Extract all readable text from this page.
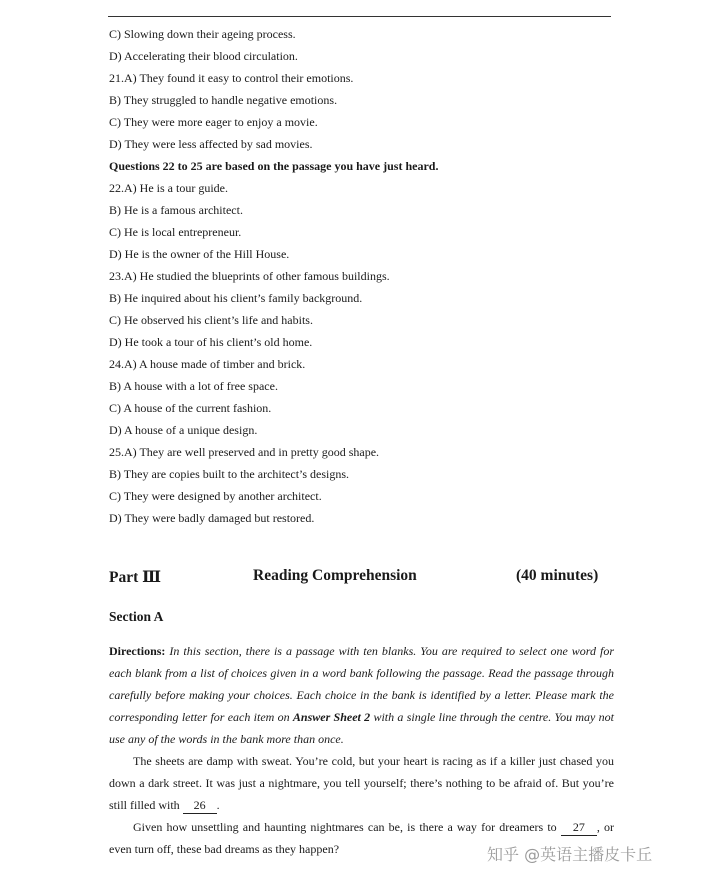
C) Slowing down their ageing process.
D) Accelerating their blood circulation.
21.A) They found it easy to control their emotions.
B) They struggled to handle negative emotions.
C) They were more eager to enjoy a movie.
D) They were less affected by sad movies.
Questions 22 to 25 are based on the passage you have just heard.
22.A) He is a tour guide.
B) He is a famous architect.
C) He is local entrepreneur.
D) He is the owner of the Hill House.
23.A) He studied the blueprints of other famous buildings.
B) He inquired about his client’s family background.
C) He observed his client’s life and habits.
D) He took a tour of his client’s old home.
24.A) A house made of timber and brick.
B) A house with a lot of free space.
C) A house of the current fashion.
D) A house of a unique design.
25.A) They are well preserved and in pretty good shape.
B) They are copies built to the architect’s designs.
C) They were designed by another architect.
D) They were badly damaged but restored.
Part Ⅲ	Reading Comprehension	(40 minutes)
Section A
Directions: In this section, there is a passage with ten blanks. You are required to select one word for each blank from a list of choices given in a word bank following the passage. Read the passage through carefully before making your choices. Each choice in the bank is identified by a letter. Please mark the corresponding letter for each item on Answer Sheet 2 with a single line through the centre. You may not use any of the words in the bank more than once.
The sheets are damp with sweat. You’re cold, but your heart is racing as if a killer just chased you down a dark street. It was just a nightmare, you tell yourself; there’s nothing to be afraid of. But you’re still filled with 26 .
Given how unsettling and haunting nightmares can be, is there a way for dreamers to 27 , or even turn off, these bad dreams as they happen?	知乎 @英语主播皮卡丘
